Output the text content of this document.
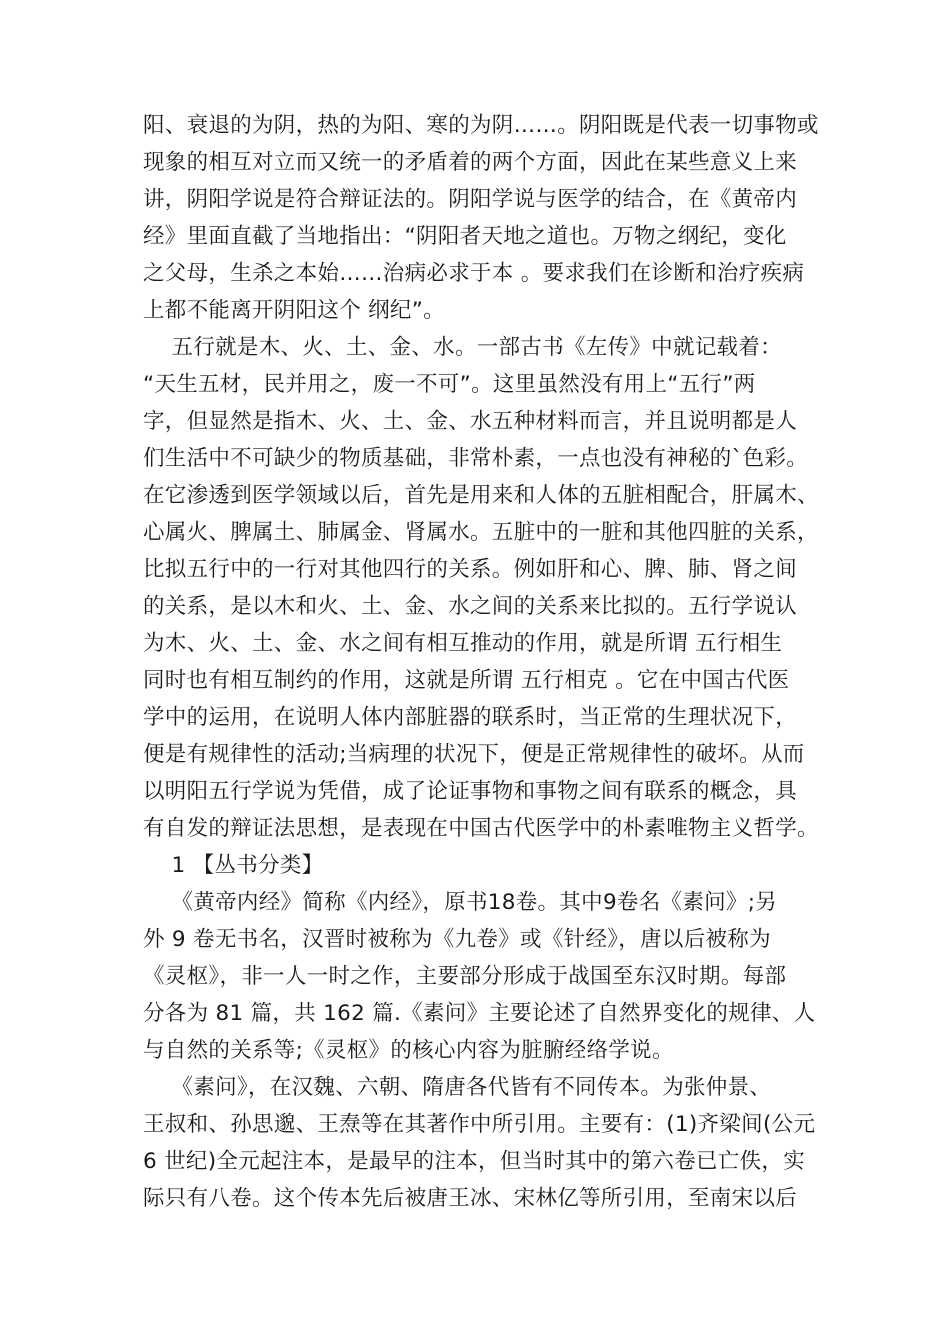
阳、衰退的为阴，热的为阳、寒的为阴……。阴阳既是代表一切事物或
现象的相互对立而又统一的矛盾着的两个方面，因此在某些意义上来
讲，阴阳学说是符合辩证法的。阴阳学说与医学的结合，在《黄帝内
经》里面直截了当地指出：“阴阳者天地之道也。万物之纲纪，变化
之父母，生杀之本始……治病必求于本 。要求我们在诊断和治疗疾病
上都不能离开阴阳这个 纲纪”。
五行就是木、火、土、金、水。一部古书《左传》中就记载着：
“天生五材，民并用之，废一不可”。这里虽然没有用上“五行”两
字，但显然是指木、火、土、金、水五种材料而言，并且说明都是人
们生活中不可缺少的物质基础，非常朴素，一点也没有神秘的`色彩。
在它渗透到医学领域以后，首先是用来和人体的五脏相配合，肝属木、
心属火、脾属土、肺属金、肾属水。五脏中的一脏和其他四脏的关系，
比拟五行中的一行对其他四行的关系。例如肝和心、脾、肺、肾之间
的关系，是以木和火、土、金、水之间的关系来比拟的。五行学说认
为木、火、土、金、水之间有相互推动的作用，就是所谓 五行相生
同时也有相互制约的作用，这就是所谓 五行相克 。它在中国古代医
学中的运用，在说明人体内部脏器的联系时，当正常的生理状况下，
便是有规律性的活动;当病理的状况下，便是正常规律性的破坏。从而
以明阳五行学说为凭借，成了论证事物和事物之间有联系的概念，具
有自发的辩证法思想，是表现在中国古代医学中的朴素唯物主义哲学。
1 【丛书分类】
《黄帝内经》简称《内经》，原书18卷。其中9卷名《素问》;另
外 9 卷无书名，汉晋时被称为《九卷》或《针经》，唐以后被称为
《灵枢》，非一人一时之作，主要部分形成于战国至东汉时期。每部
分各为 81 篇，共 162 篇.《素问》主要论述了自然界变化的规律、人
与自然的关系等;《灵枢》的核心内容为脏腑经络学说。
《素问》，在汉魏、六朝、隋唐各代皆有不同传本。为张仲景、
王叔和、孙思邈、王焘等在其著作中所引用。主要有：(1)齐梁间(公元
6 世纪)全元起注本，是最早的注本，但当时其中的第六卷已亡佚，实
际只有八卷。这个传本先后被唐王冰、宋林亿等所引用，至南宋以后
